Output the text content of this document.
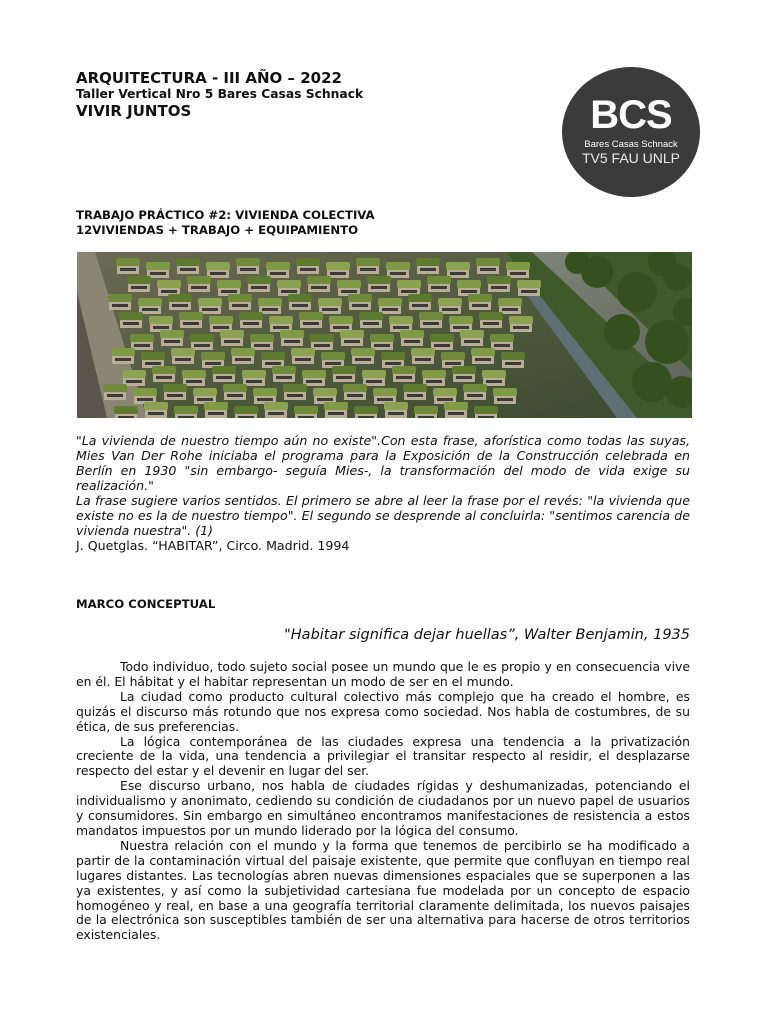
ARQUITECTURA - III AÑO – 2022
Taller Vertical Nro 5 Bares Casas Schnack
VIVIR JUNTOS	BCS
Bares Casas Schnack
TV5 FAU UNLP
TRABAJO PRÁCTICO #2: VIVIENDA COLECTIVA
12VIVIENDAS + TRABAJO + EQUIPAMIENTO

"La vivienda de nuestro tiempo aún no existe".Con esta frase, aforística como todas las suyas, Mies Van Der Rohe iniciaba el programa para la Exposición de la Construcción celebrada en Berlín en 1930 "sin embargo- seguía Mies-, la transformación del modo de vida exige su realización."

La frase sugiere varios sentidos. El primero se abre al leer la frase por el revés: "la vivienda que existe no es la de nuestro tiempo". El segundo se desprende al concluirla: "sentimos carencia de vivienda nuestra". (1)

J. Quetglas. “HABITAR”, Circo. Madrid. 1994
MARCO CONCEPTUAL
"Habitar significa dejar huellas”, Walter Benjamin, 1935

Todo individuo, todo sujeto social posee un mundo que le es propio y en consecuencia vive en él. El hábitat y el habitar representan un modo de ser en el mundo.

La ciudad como producto cultural colectivo más complejo que ha creado el hombre, es quizás el discurso más rotundo que nos expresa como sociedad. Nos habla de costumbres, de su ética, de sus preferencias.

La lógica contemporánea de las ciudades expresa una tendencia a la privatización creciente de la vida, una tendencia a privilegiar el transitar respecto al residir, el desplazarse respecto del estar y el devenir en lugar del ser.

Ese discurso urbano, nos habla de ciudades rígidas y deshumanizadas, potenciando el individualismo y anonimato, cediendo su condición de ciudadanos por un nuevo papel de usuarios y consumidores. Sin embargo en simultáneo encontramos manifestaciones de resistencia a estos mandatos impuestos por un mundo liderado por la lógica del consumo.

Nuestra relación con el mundo y la forma que tenemos de percibirlo se ha modificado a partir de la contaminación virtual del paisaje existente, que permite que confluyan en tiempo real lugares distantes. Las tecnologías abren nuevas dimensiones espaciales que se superponen a las ya existentes, y así como la subjetividad cartesiana fue modelada por un concepto de espacio homogéneo y real, en base a una geografía territorial claramente delimitada, los nuevos paisajes de la electrónica son susceptibles también de ser una alternativa para hacerse de otros territorios existenciales.
